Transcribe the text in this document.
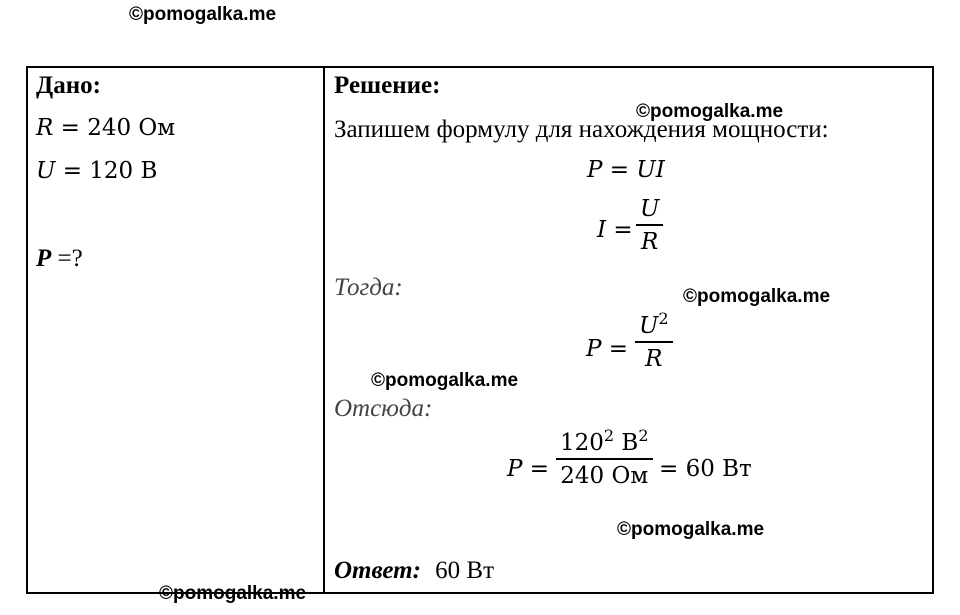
©pomogalka.me
©pomogalka.me
©pomogalka.me
©pomogalka.me
©pomogalka.me
©pomogalka.me
Дано:
R = 240 Ом
U = 120 В
P =?
Решение:
Запишем формулу для нахождения мощности:
P = UI
I =
U
R
Тогда:
P =
$U^2$
R
Отсюда:
P =
$120^2$ $В^2$
240 Ом = 60 Вт
Ответ: 60 Вт
